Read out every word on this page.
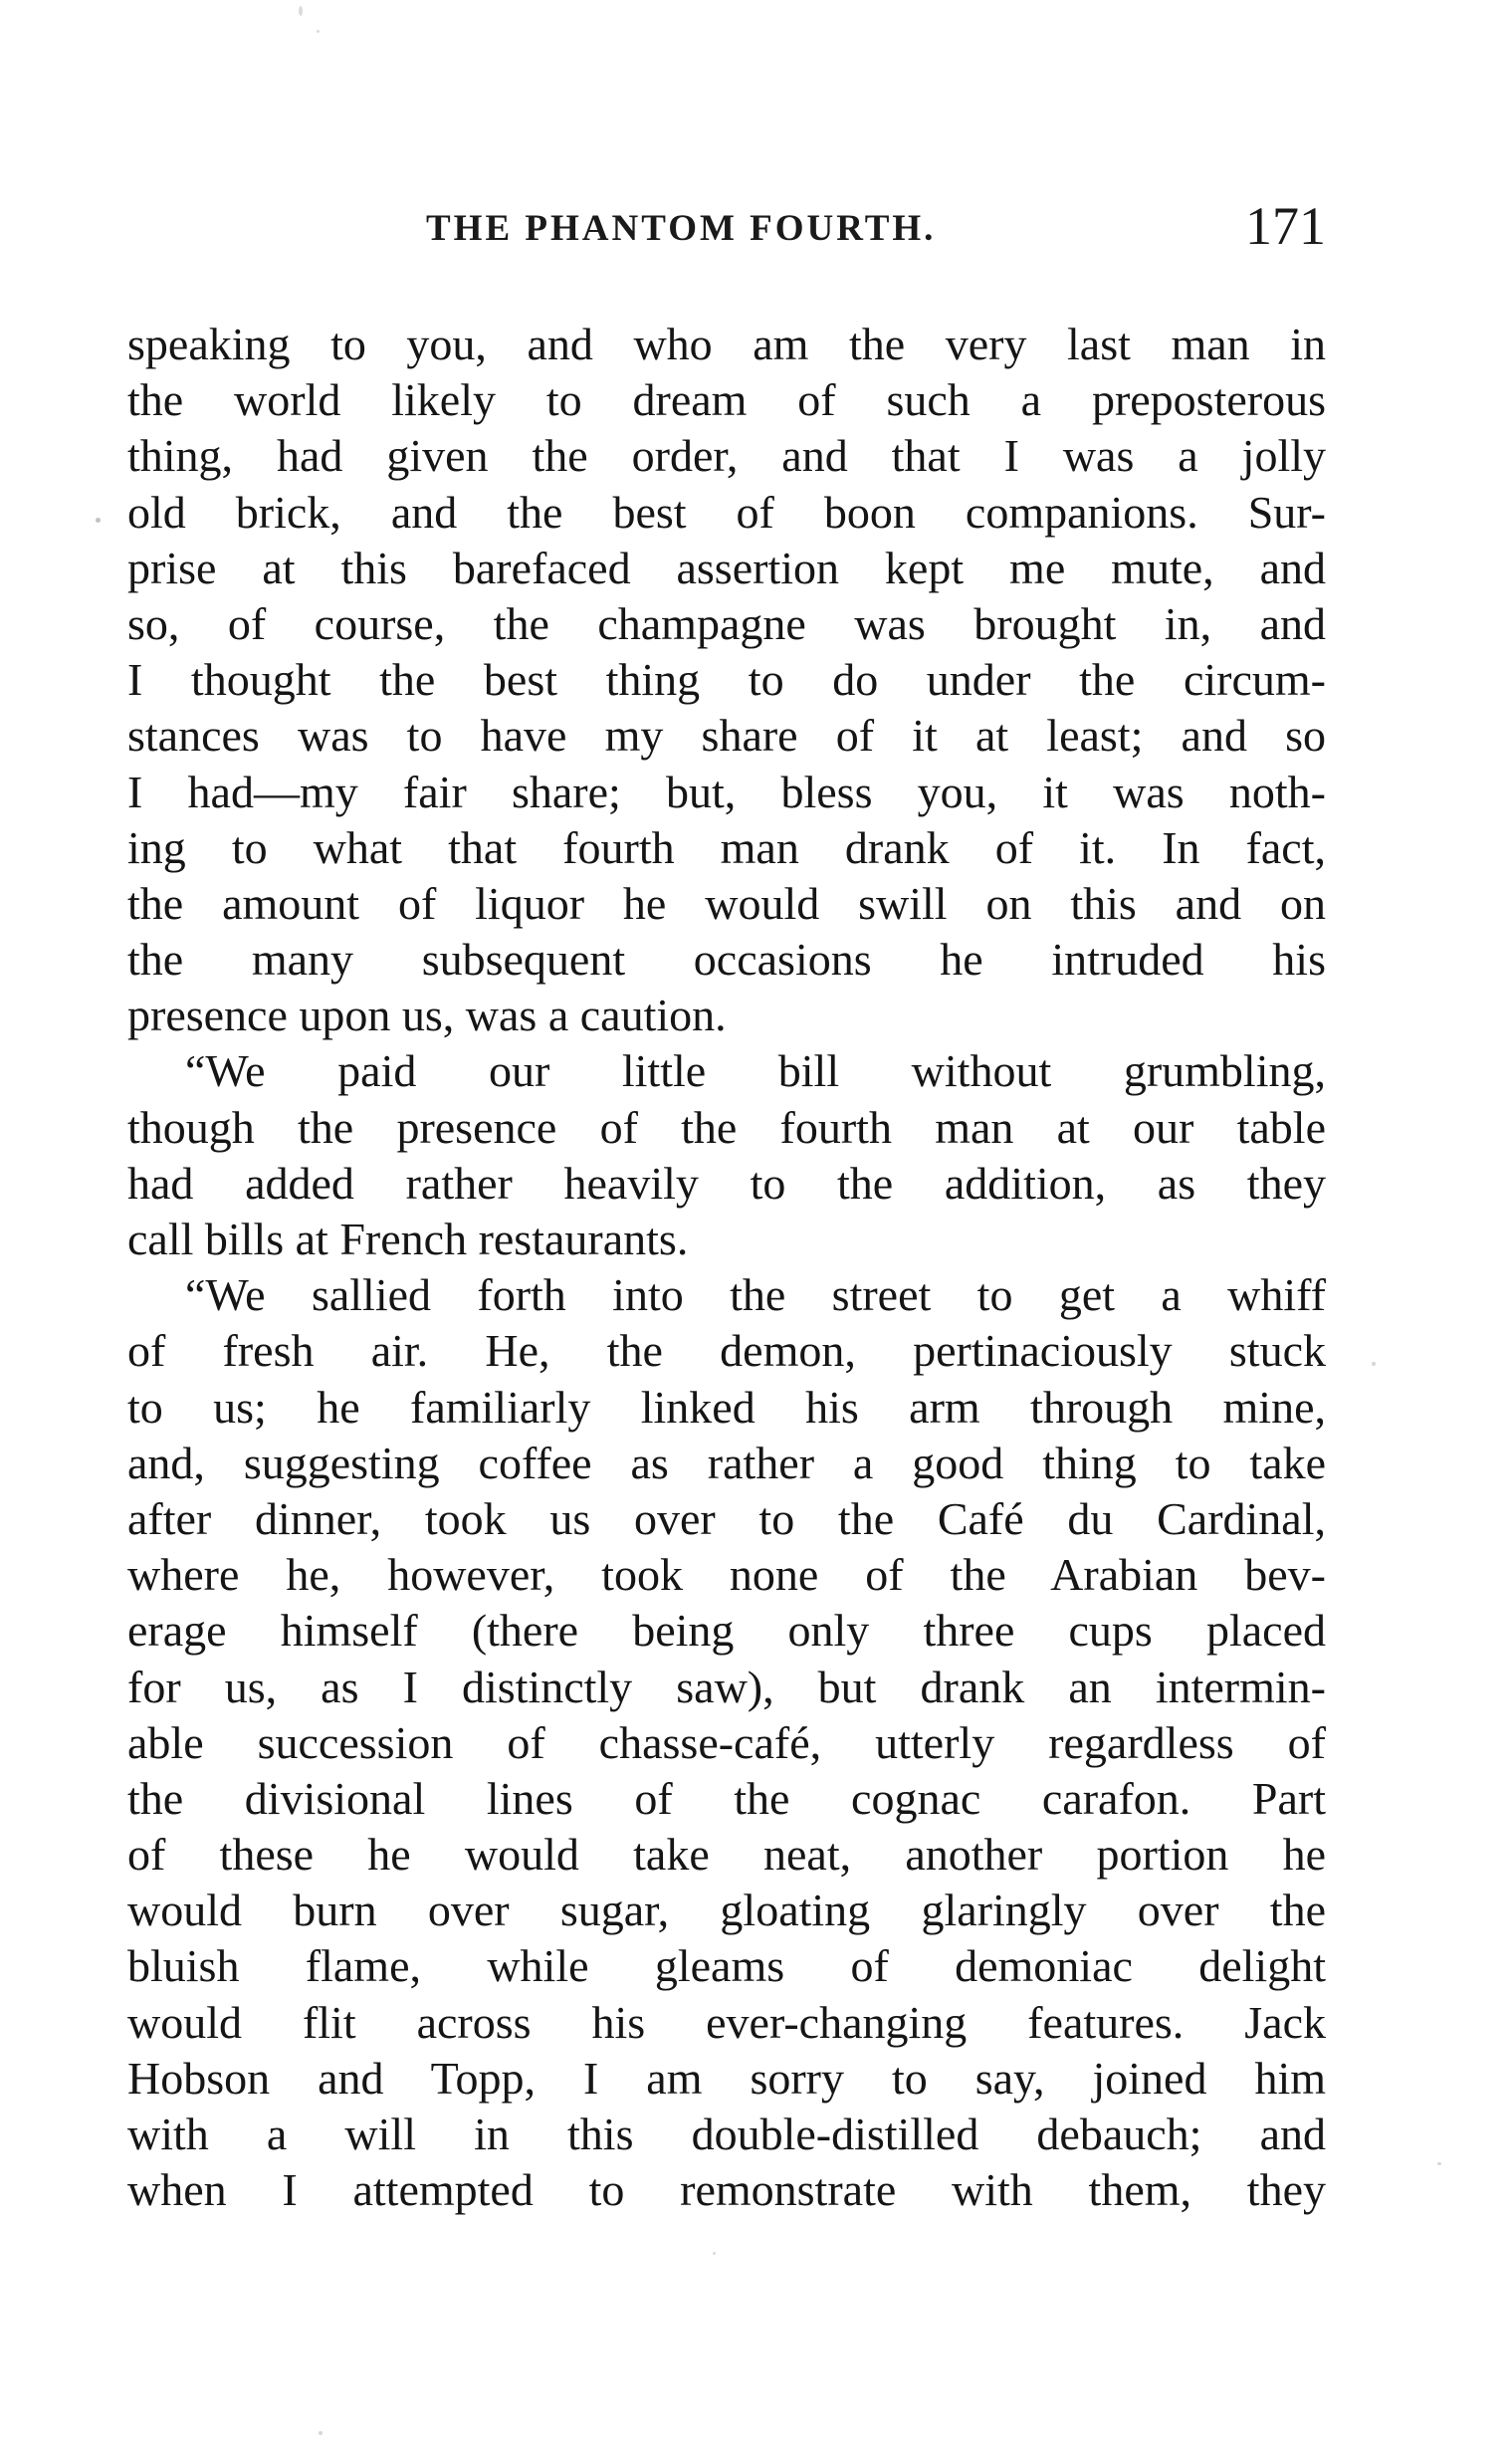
THE PHANTOM FOURTH.	171
speaking to you, and who am the very last man in
the world likely to dream of such a preposterous
thing, had given the order, and that I was a jolly
old brick, and the best of boon companions. Sur-
prise at this barefaced assertion kept me mute, and
so, of course, the champagne was brought in, and
I thought the best thing to do under the circum-
stances was to have my share of it at least; and so
I had—my fair share; but, bless you, it was noth-
ing to what that fourth man drank of it. In fact,
the amount of liquor he would swill on this and on
the many subsequent occasions he intruded his
presence upon us, was a caution.
“We paid our little bill without grumbling,
though the presence of the fourth man at our table
had added rather heavily to the addition, as they
call bills at French restaurants.
“We sallied forth into the street to get a whiff
of fresh air. He, the demon, pertinaciously stuck
to us; he familiarly linked his arm through mine,
and, suggesting coffee as rather a good thing to take
after dinner, took us over to the Café du Cardinal,
where he, however, took none of the Arabian bev-
erage himself (there being only three cups placed
for us, as I distinctly saw), but drank an intermin-
able succession of chasse-café, utterly regardless of
the divisional lines of the cognac carafon. Part
of these he would take neat, another portion he
would burn over sugar, gloating glaringly over the
bluish flame, while gleams of demoniac delight
would flit across his ever-changing features. Jack
Hobson and Topp, I am sorry to say, joined him
with a will in this double-distilled debauch; and
when I attempted to remonstrate with them, they
